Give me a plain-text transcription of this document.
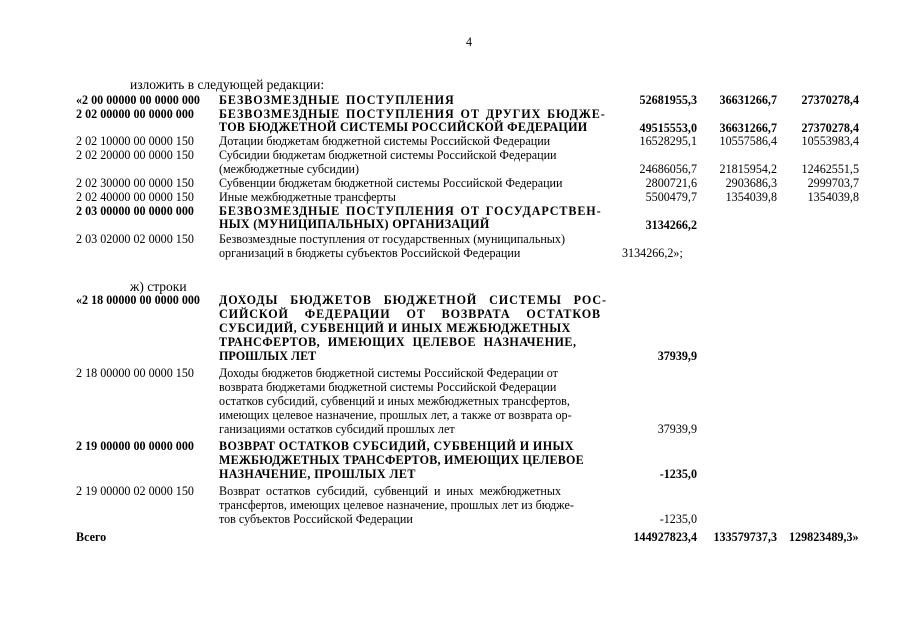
4
изложить в следующей редакции:
«2 00 00000 00 0000 000 БЕЗВОЗМЕЗДНЫЕ ПОСТУПЛЕНИЯ	52681955,3 36631266,7 27370278,4
2 02 00000 00 0000 000 БЕЗВОЗМЕЗДНЫЕ ПОСТУПЛЕНИЯ ОТ ДРУГИХ БЮДЖЕ-
ТОВ БЮДЖЕТНОЙ СИСТЕМЫ РОССИЙСКОЙ ФЕДЕРАЦИИ	49515553,0 36631266,7 27370278,4
2 02 10000 00 0000 150 Дотации бюджетам бюджетной системы Российской Федерации	16528295,1 10557586,4 10553983,4
2 02 20000 00 0000 150 Субсидии бюджетам бюджетной системы Российской Федерации
(межбюджетные субсидии)	24686056,7 21815954,2 12462551,5
2 02 30000 00 0000 150 Субвенции бюджетам бюджетной системы Российской Федерации	2800721,6 2903686,3	2999703,7
2 02 40000 00 0000 150 Иные межбюджетные трансферты	5500479,7 1354039,8	1354039,8
2 03 00000 00 0000 000 БЕЗВОЗМЕЗДНЫЕ ПОСТУПЛЕНИЯ ОТ ГОСУДАРСТВЕН-
НЫХ (МУНИЦИПАЛЬНЫХ) ОРГАНИЗАЦИЙ	3134266,2
2 03 02000 02 0000 150 Безвозмездные поступления от государственных (муниципальных)
организаций в бюджеты субъектов Российской Федерации	3134266,2»;
ж) строки
«2 18 00000 00 0000 000 ДОХОДЫ БЮДЖЕТОВ БЮДЖЕТНОЙ СИСТЕМЫ РОС-
СИЙСКОЙ ФЕДЕРАЦИИ ОТ ВОЗВРАТА ОСТАТКОВ
СУБСИДИЙ, СУБВЕНЦИЙ И ИНЫХ МЕЖБЮДЖЕТНЫХ
ТРАНСФЕРТОВ, ИМЕЮЩИХ ЦЕЛЕВОЕ НАЗНАЧЕНИЕ,
ПРОШЛЫХ ЛЕТ	37939,9
2 18 00000 00 0000 150 Доходы бюджетов бюджетной системы Российской Федерации от
возврата бюджетами бюджетной системы Российской Федерации
остатков субсидий, субвенций и иных межбюджетных трансфертов,
имеющих целевое назначение, прошлых лет, а также от возврата ор-
ганизациями остатков субсидий прошлых лет	37939,9
2 19 00000 00 0000 000 ВОЗВРАТ ОСТАТКОВ СУБСИДИЙ, СУБВЕНЦИЙ И ИНЫХ
МЕЖБЮДЖЕТНЫХ ТРАНСФЕРТОВ, ИМЕЮЩИХ ЦЕЛЕВОЕ
НАЗНАЧЕНИЕ, ПРОШЛЫХ ЛЕТ	-1235,0
2 19 00000 02 0000 150 Возврат остатков субсидий, субвенций и иных межбюджетных
трансфертов, имеющих целевое назначение, прошлых лет из бюдже-
тов субъектов Российской Федерации	-1235,0
Всего	144927823,4 133579737,3 129823489,3»
